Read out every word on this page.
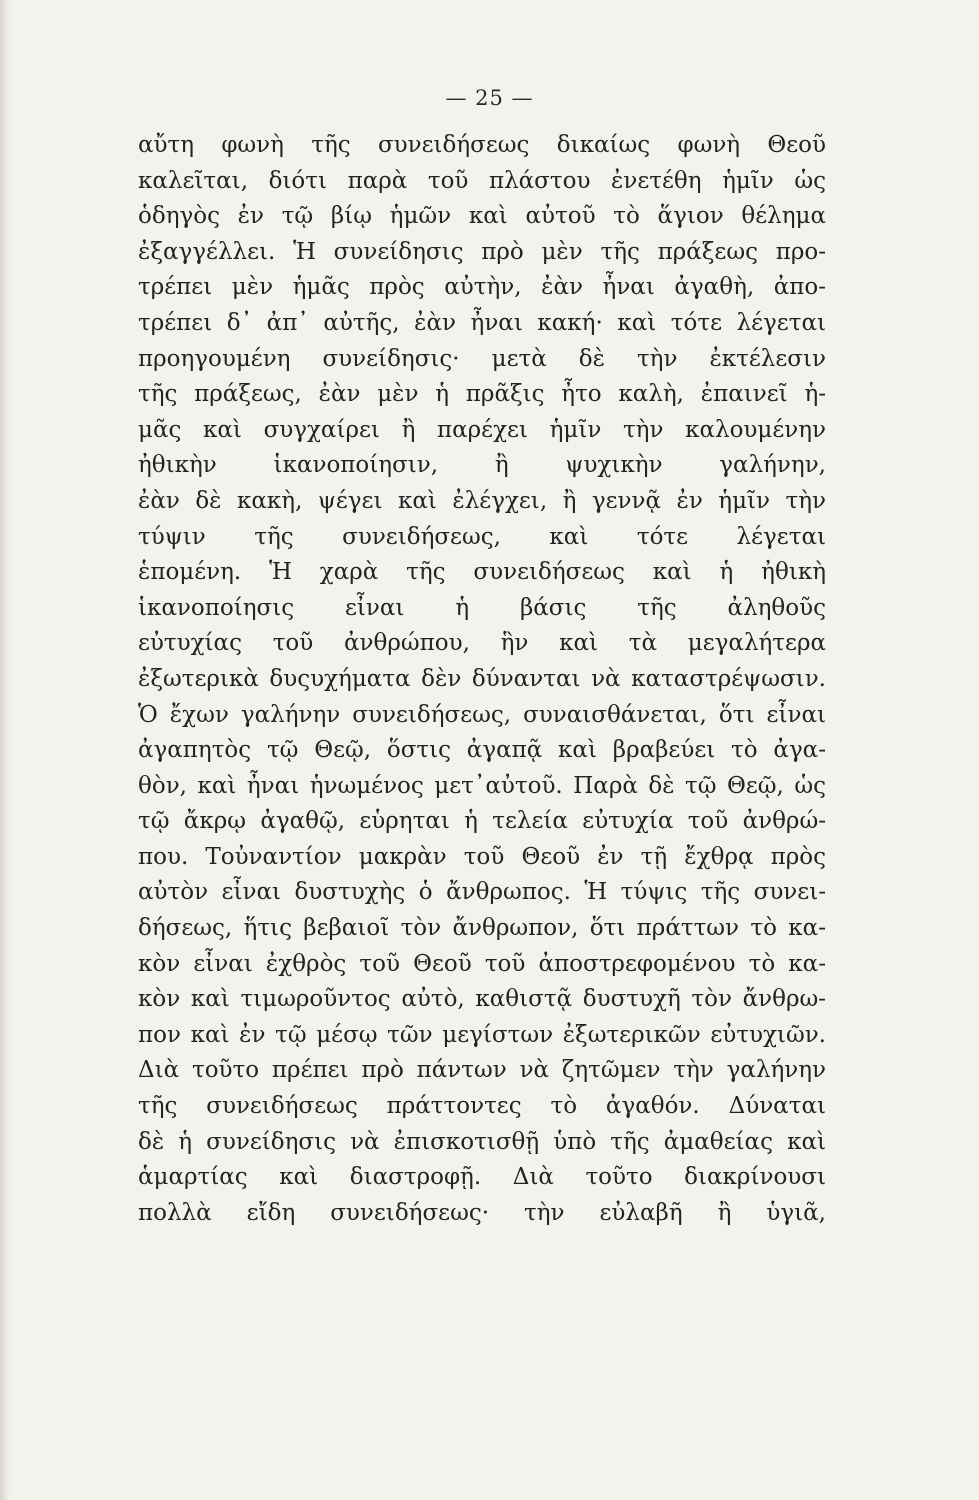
— 25 —
αὔτη φωνὴ τῆς συνειδήσεως δικαίως φωνὴ Θεοῦ
καλεῖται, διότι παρὰ τοῦ πλάστου ἐνετέθη ἡμῖν ὡς
ὁδηγὸς ἐν τῷ βίῳ ἡμῶν καὶ αὐτοῦ τὸ ἅγιον θέλημα
ἐξαγγέλλει. Ἡ συνείδησις πρὸ μὲν τῆς πράξεως προ-
τρέπει μὲν ἡμᾶς πρὸς αὐτὴν, ἐὰν ἦναι ἀγαθὴ, ἀπο-
τρέπει δ᾽ ἀπ᾽ αὐτῆς, ἐὰν ἦναι κακή· καὶ τότε λέγεται
προηγουμένη συνείδησις· μετὰ δὲ τὴν ἐκτέλεσιν
τῆς πράξεως, ἐὰν μὲν ἡ πρᾶξις ἦτο καλὴ, ἐπαινεῖ ἡ-
μᾶς καὶ συγχαίρει ἢ παρέχει ἡμῖν τὴν καλουμένην
ἠθικὴν ἱκανοποίησιν, ἢ ψυχικὴν γαλήνην,
ἐὰν δὲ κακὴ, ψέγει καὶ ἐλέγχει, ἢ γεννᾷ ἐν ἡμῖν τὴν
τύψιν τῆς συνειδήσεως, καὶ τότε λέγεται
ἑπομένη. Ἡ χαρὰ τῆς συνειδήσεως καὶ ἡ ἠθικὴ
ἱκανοποίησις εἶναι ἡ βάσις τῆς ἀληθοῦς
εὐτυχίας τοῦ ἀνθρώπου, ἣν καὶ τὰ μεγαλήτερα
ἐξωτερικὰ δυςυχήματα δὲν δύνανται νὰ καταστρέψωσιν.
Ὁ ἔχων γαλήνην συνειδήσεως, συναισθάνεται, ὅτι εἶναι
ἀγαπητὸς τῷ Θεῷ, ὅστις ἀγαπᾷ καὶ βραβεύει τὸ ἀγα-
θὸν, καὶ ἦναι ἡνωμένος μετ᾽αὐτοῦ. Παρὰ δὲ τῷ Θεῷ, ὡς
τῷ ἄκρῳ ἀγαθῷ, εὑρηται ἡ τελεία εὐτυχία τοῦ ἀνθρώ-
που. Τοὐναντίον μακρὰν τοῦ Θεοῦ ἐν τῇ ἔχθρᾳ πρὸς
αὐτὸν εἶναι δυστυχὴς ὁ ἄνθρωπος. Ἡ τύψις τῆς συνει-
δήσεως, ἥτις βεβαιοῖ τὸν ἄνθρωπον, ὅτι πράττων τὸ κα-
κὸν εἶναι ἐχθρὸς τοῦ Θεοῦ τοῦ ἀποστρεφομένου τὸ κα-
κὸν καὶ τιμωροῦντος αὐτὸ, καθιστᾷ δυστυχῆ τὸν ἄνθρω-
πον καὶ ἐν τῷ μέσῳ τῶν μεγίστων ἐξωτερικῶν εὐτυχιῶν.
Διὰ τοῦτο πρέπει πρὸ πάντων νὰ ζητῶμεν τὴν γαλήνην
τῆς συνειδήσεως πράττοντες τὸ ἀγαθόν. Δύναται
δὲ ἡ συνείδησις νὰ ἐπισκοτισθῇ ὑπὸ τῆς ἀμαθείας καὶ
ἁμαρτίας καὶ διαστροφῇ. Διὰ τοῦτο διακρίνουσι
πολλὰ εἴδη συνειδήσεως· τὴν εὐλαβῆ ἢ ὑγιᾶ,
